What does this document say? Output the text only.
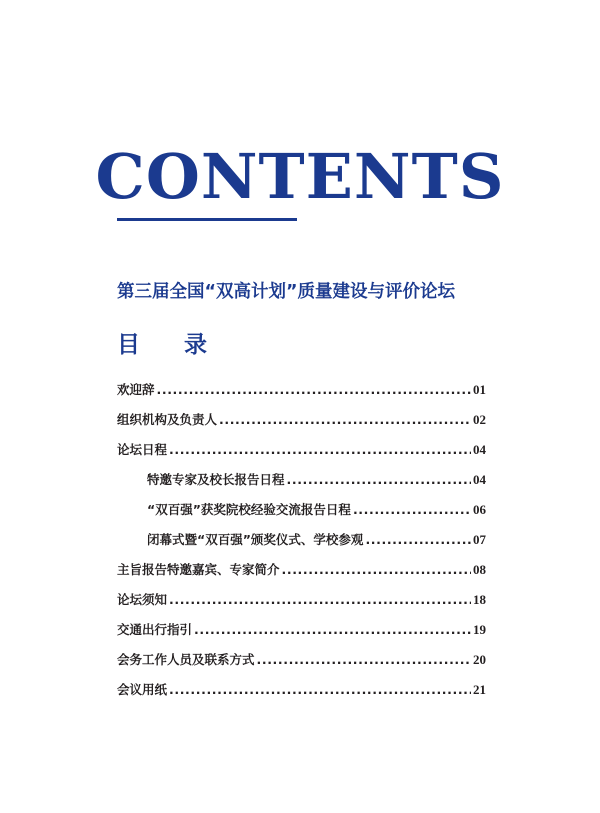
CONTENTS
第三届全国“双高计划”质量建设与评价论坛
目 录
欢迎辞 .....	01
组织机构及负责人 .....	02
论坛日程 .....	04
特邀专家及校长报告日程 .....	04
“双百强”获奖院校经验交流报告日程 .....	06
闭幕式暨“双百强”颁奖仪式、学校参观 .....	07
主旨报告特邀嘉宾、专家简介 .....	08
论坛须知 .....	18
交通出行指引 .....	19
会务工作人员及联系方式 .....	20
会议用纸 .....	21
